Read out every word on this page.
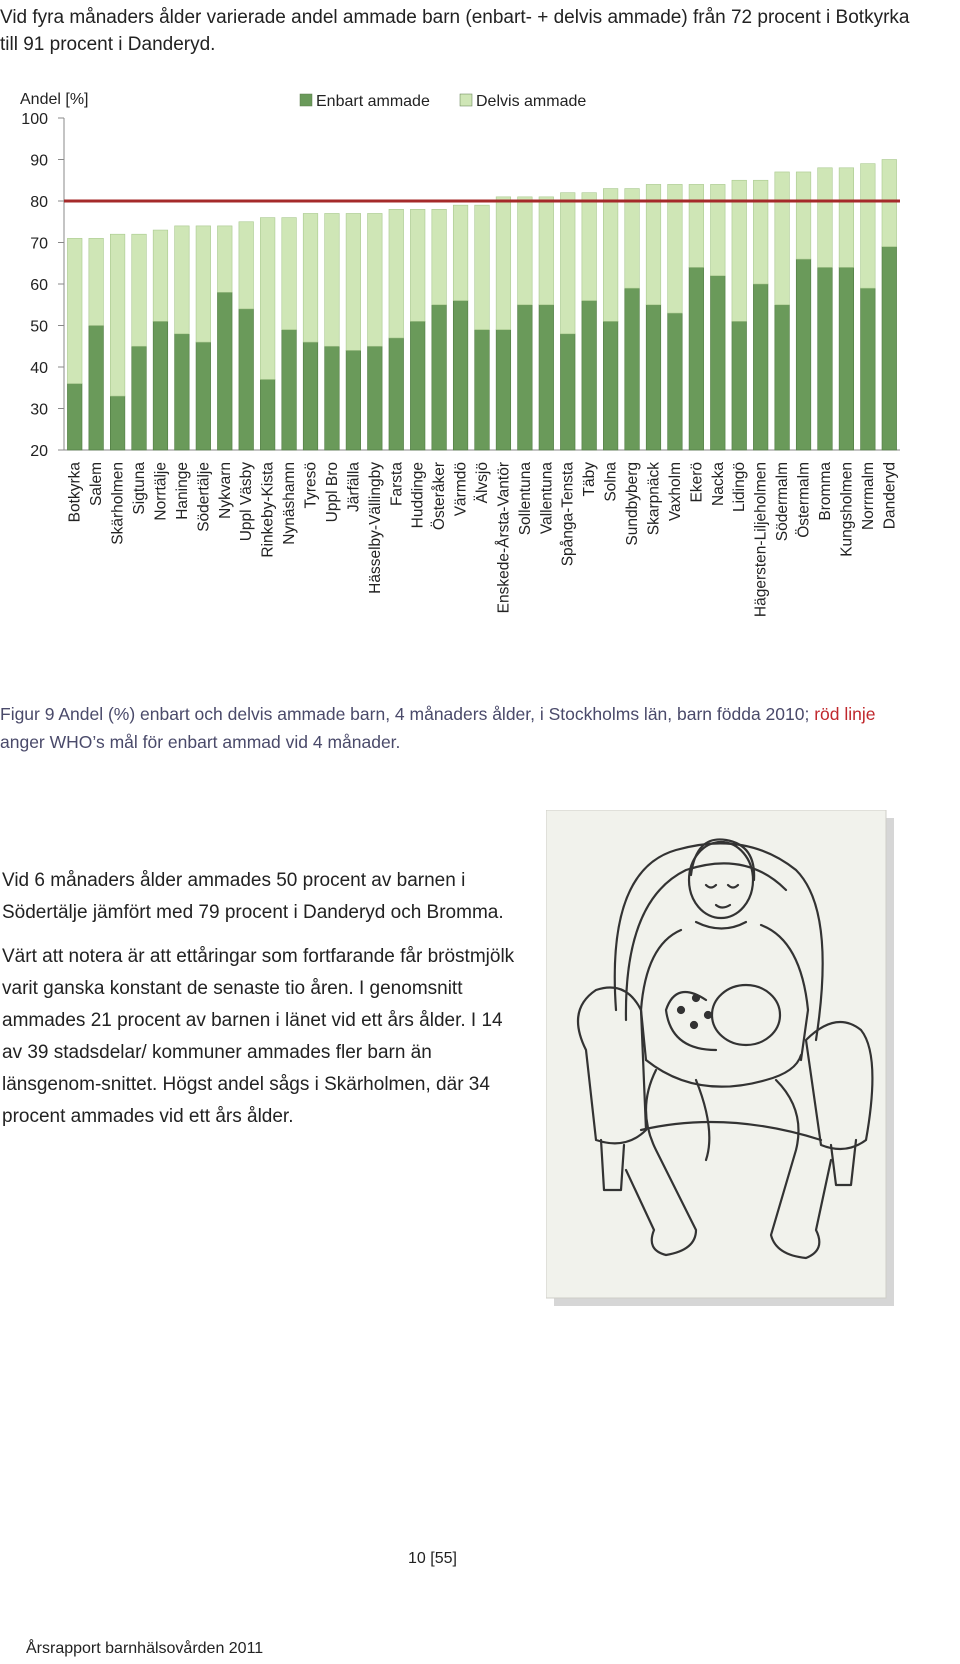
Vid fyra månaders ålder varierade andel ammade barn (enbart- + delvis ammade) från 72 procent i Botkyrka till 91 procent i Danderyd.

Andel [%]
20
30
40
50
60
70
80
90
100
Enbart ammade	Delvis ammade
Botkyrka Salem Skärholmen Sigtuna Norrtälje Haninge Södertälje Nykvarn Uppl Väsby Rinkeby-Kista Nynäshamn Tyresö Uppl Bro Järfälla Hässelby-Vällingby Farsta Huddinge Österåker Värmdö Älvsjö Enskede-Årsta-Vantör Sollentuna Vallentuna Spånga-Tensta Täby Solna Sundbyberg Skarpnäck Vaxholm Ekerö Nacka Lidingö Hägersten-Liljeholmen Södermalm Östermalm Bromma Kungsholmen Norrmalm Danderyd

Figur 9 Andel (%) enbart och delvis ammade barn, 4 månaders ålder, i Stockholms län, barn födda 2010; röd linje anger WHO’s mål för enbart ammad vid 4 månader.

Vid 6 månaders ålder ammades 50 procent av barnen i Södertälje jämfört med 79 procent i Danderyd och Bromma.

Värt att notera är att ettåringar som fortfarande får bröstmjölk varit ganska konstant de senaste tio åren. I genomsnitt ammades 21 procent av barnen i länet vid ett års ålder. I 14 av 39 stadsdelar/ kommuner ammades fler barn än länsgenom-snittet. Högst andel sågs i Skärholmen, där 34 procent ammades vid ett års ålder.

10 [55]
Årsrapport barnhälsovården 2011
